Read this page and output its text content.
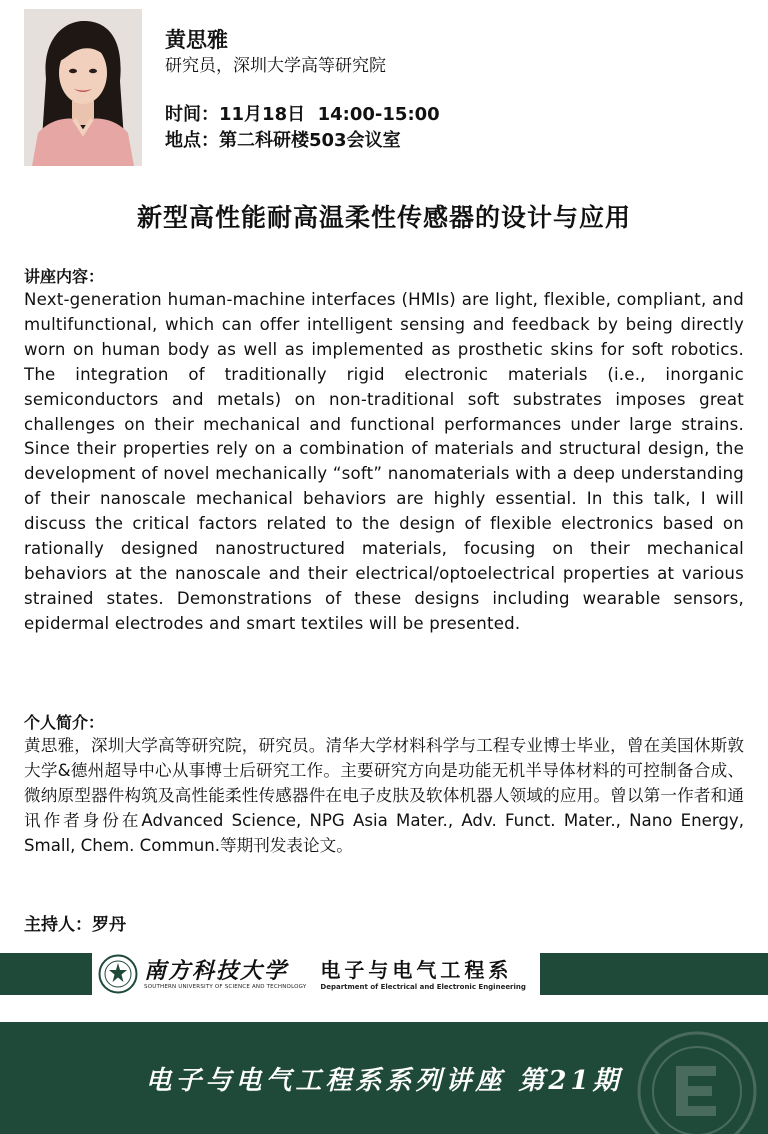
黄思雅
研究员，深圳大学高等研究院
时间：11月18日  14:00-15:00
地点：第二科研楼503会议室
新型高性能耐高温柔性传感器的设计与应用
讲座内容：
Next-generation human-machine interfaces (HMIs) are light, flexible, compliant, and multifunctional, which can offer intelligent sensing and feedback by being directly worn on human body as well as implemented as prosthetic skins for soft robotics. The integration of traditionally rigid electronic materials (i.e., inorganic semiconductors and metals) on non-traditional soft substrates imposes great challenges on their mechanical and functional performances under large strains. Since their properties rely on a combination of materials and structural design, the development of novel mechanically “soft” nanomaterials with a deep understanding of their nanoscale mechanical behaviors are highly essential. In this talk, I will discuss the critical factors related to the design of flexible electronics based on rationally designed nanostructured materials, focusing on their mechanical behaviors at the nanoscale and their electrical/optoelectrical properties at various strained states. Demonstrations of these designs including wearable sensors, epidermal electrodes and smart textiles will be presented.
个人简介：
黄思雅，深圳大学高等研究院，研究员。清华大学材料科学与工程专业博士毕业，曾在美国休斯敦大学&德州超导中心从事博士后研究工作。主要研究方向是功能无机半导体材料的可控制备合成、微纳原型器件构筑及高性能柔性传感器件在电子皮肤及软体机器人领域的应用。曾以第一作者和通讯作者身份在Advanced Science, NPG Asia Mater., Adv. Funct. Mater., Nano Energy, Small, Chem. Commun.等期刊发表论文。
主持人：罗丹
南方科技大学
SOUTHERN UNIVERSITY OF SCIENCE AND TECHNOLOGY
电子与电气工程系
Department of Electrical and Electronic Engineering
电子与电气工程系系列讲座 第21期
